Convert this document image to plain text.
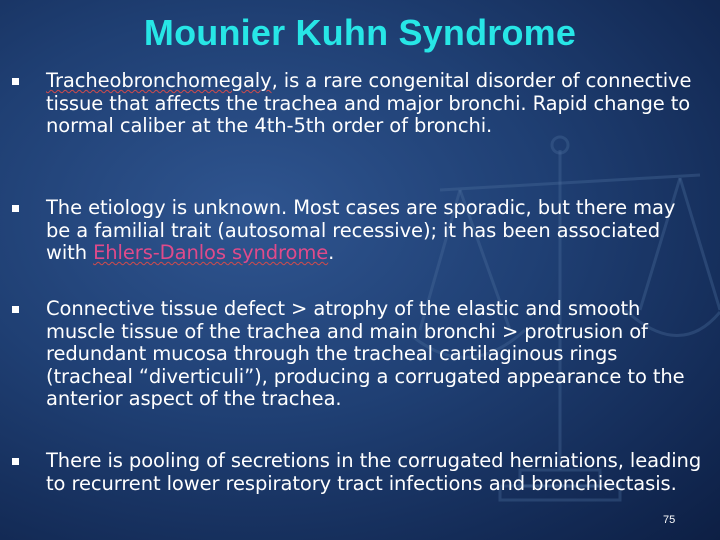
Mounier Kuhn Syndrome
Tracheobronchomegaly, is a rare congenital disorder of connective tissue that affects the trachea and major bronchi. Rapid change to normal caliber at the 4th-5th order of bronchi.
The etiology is unknown. Most cases are sporadic, but there may be a familial trait (autosomal recessive); it has been associated with Ehlers-Danlos syndrome.
Connective tissue defect > atrophy of the elastic and smooth muscle tissue of the trachea and main bronchi > protrusion of redundant mucosa through the tracheal cartilaginous rings (tracheal “diverticuli”), producing a corrugated appearance to the anterior aspect of the trachea.
There is pooling of secretions in the corrugated herniations, leading to recurrent lower respiratory tract infections and bronchiectasis.
75
